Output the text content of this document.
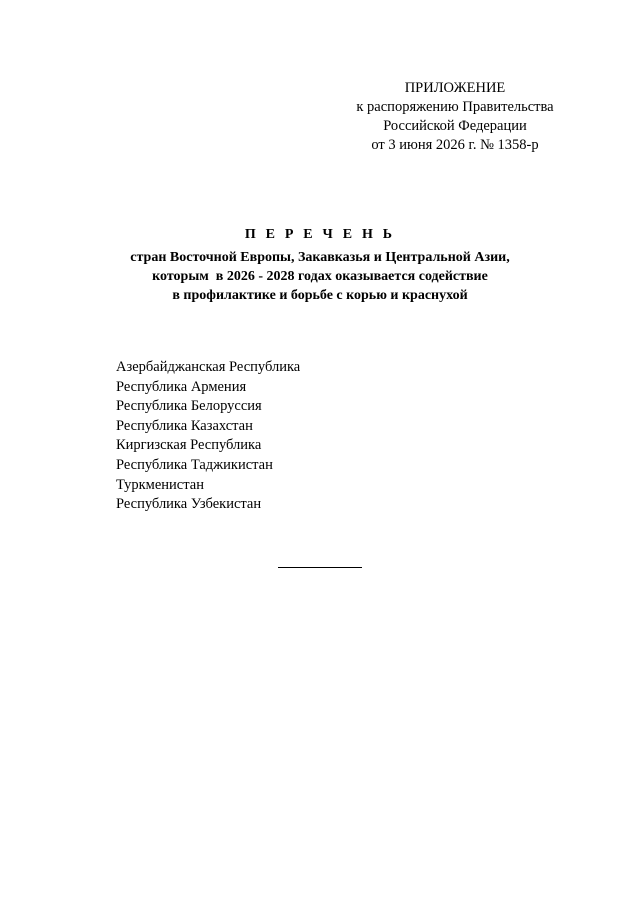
ПРИЛОЖЕНИЕ
к распоряжению Правительства
Российской Федерации
от 3 июня 2026 г. № 1358-р
П Е Р Е Ч Е Н Ь
стран Восточной Европы, Закавказья и Центральной Азии,
которым  в 2026 - 2028 годах оказывается содействие
в профилактике и борьбе с корью и краснухой
Азербайджанская Республика
Республика Армения
Республика Белоруссия
Республика Казахстан
Киргизская Республика
Республика Таджикистан
Туркменистан
Республика Узбекистан
